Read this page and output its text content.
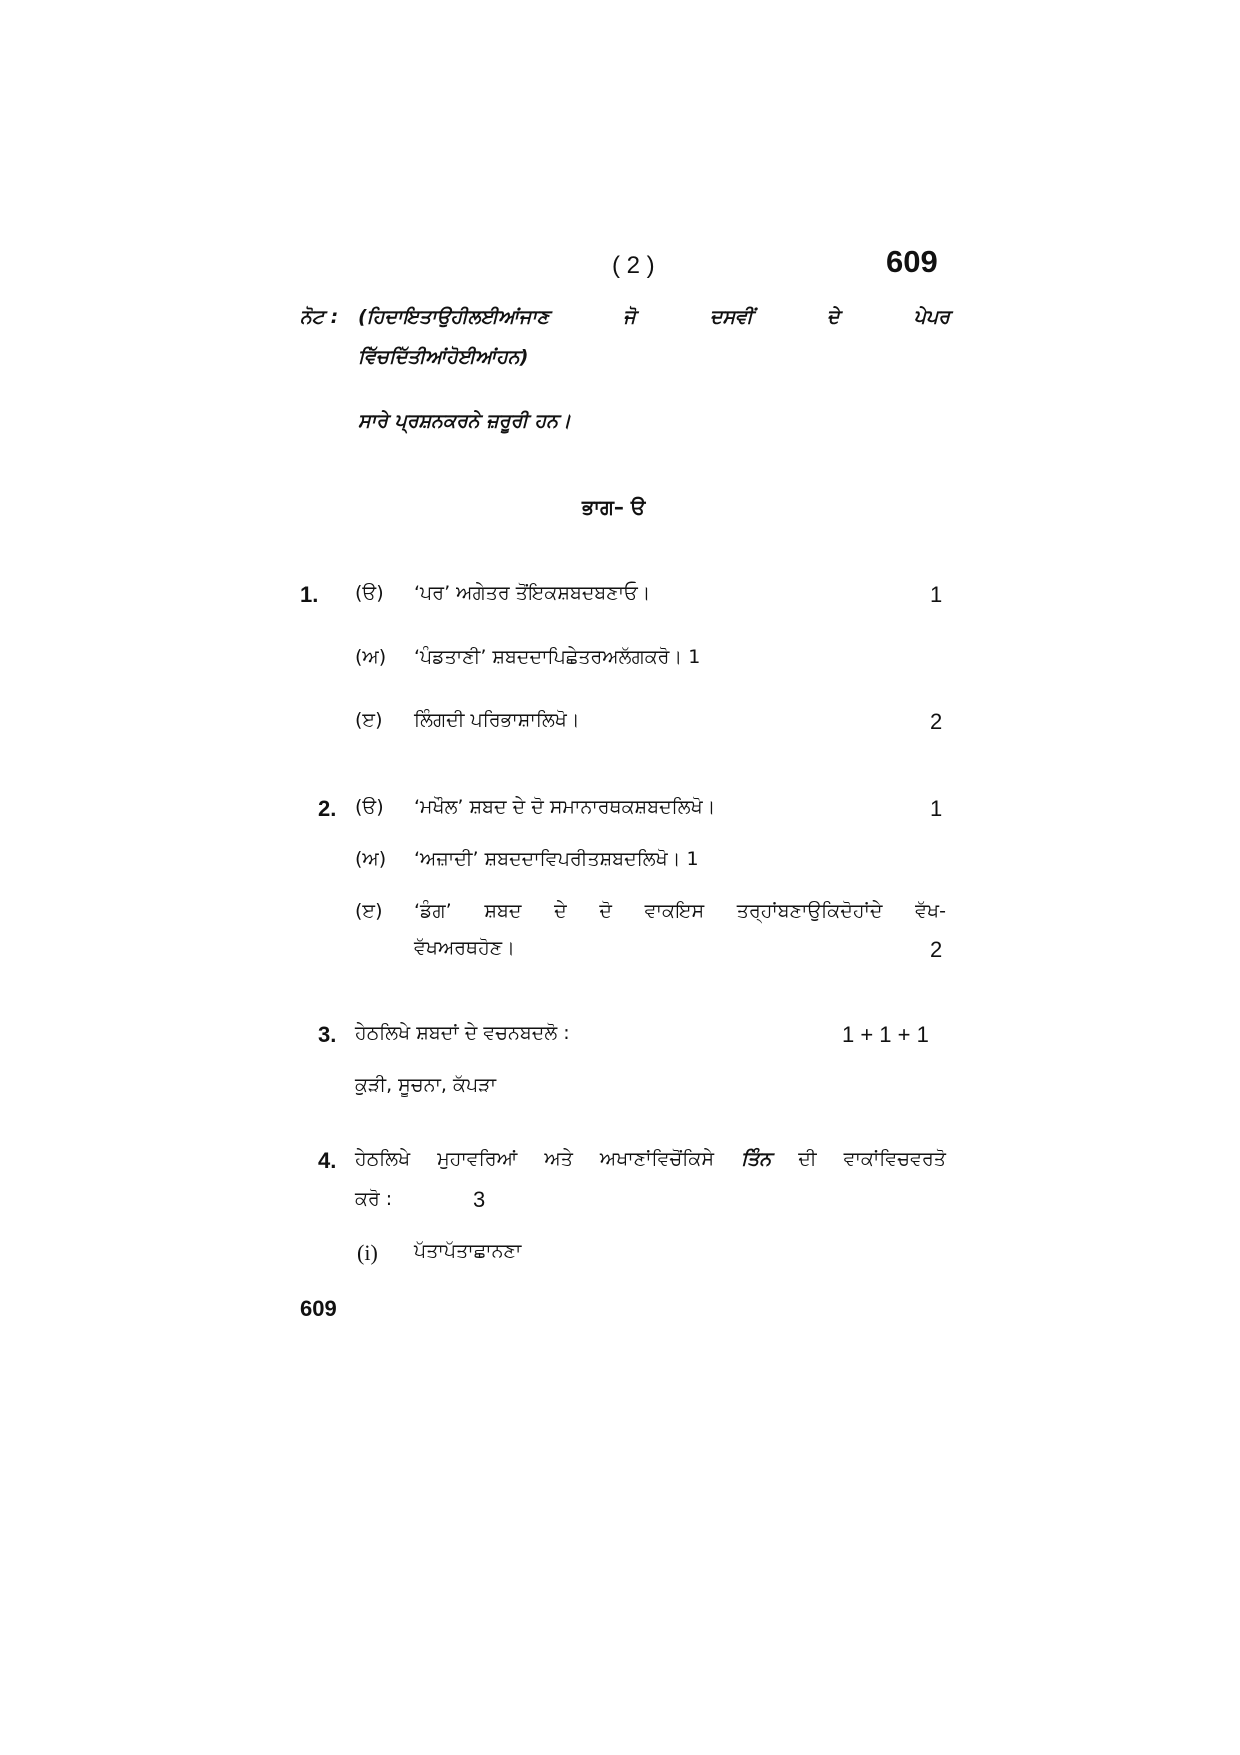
( 2 )	609
ਨੋਟ : (ਹਿਦਾਇਤਾਉਹੀਲਈਆਂਜਾਣ	ਜੋ	ਦਸਵੀਂ	ਦੇ	ਪੇਪਰ
ਵਿੱਚਦਿੱਤੀਆਂਹੋਈਆਂਹਨ)
ਸਾਰੇ ਪ੍ਰਸ਼ਨਕਰਨੇ ਜ਼ਰੂਰੀ ਹਨ।
ਭਾਗ– ੳ
1. (ੳ) ‘ਪਰ’ ਅਗੇਤਰ ਤੋਂਇਕਸ਼ਬਦਬਣਾਓ।	1
(ਅ) ‘ਪੰਡਤਾਣੀ’ ਸ਼ਬਦਦਾਪਿਛੇਤਰਅਲੱਗਕਰੋ। 1
(ੲ) ਲਿੰਗਦੀ ਪਰਿਭਾਸ਼ਾਲਿਖੋ।	2
2. (ੳ) ‘ਮਖੌਲ’ ਸ਼ਬਦ ਦੇ ਦੋ ਸਮਾਨਾਰਥਕਸ਼ਬਦਲਿਖੋ।	1
(ਅ) ‘ਅਜ਼ਾਦੀ’ ਸ਼ਬਦਦਾਵਿਪਰੀਤਸ਼ਬਦਲਿਖੋ। 1
(ੲ) ‘ਡੰਗ’ ਸ਼ਬਦ ਦੇ ਦੋ ਵਾਕਇਸ ਤਰ੍ਹਾਂਬਣਾਉਕਿਦੋਹਾਂਦੇ ਵੱਖ-
ਵੱਖਅਰਥਹੋਣ।	2
3. ਹੇਠਲਿਖੇ ਸ਼ਬਦਾਂ ਦੇ ਵਚਨਬਦਲੋ :	1 + 1 + 1
ਕੁੜੀ, ਸੂਚਨਾ, ਕੱਪੜਾ
4. ਹੇਠਲਿਖੇ ਮੁਹਾਵਰਿਆਂ ਅਤੇ ਅਖਾਣਾਂਵਿਚੋਂਕਿਸੇ ਤਿੰਨ ਦੀ ਵਾਕਾਂਵਿਚਵਰਤੋ
ਕਰੋ :	3
(i) ਪੱਤਾਪੱਤਾਛਾਨਣਾ
609
